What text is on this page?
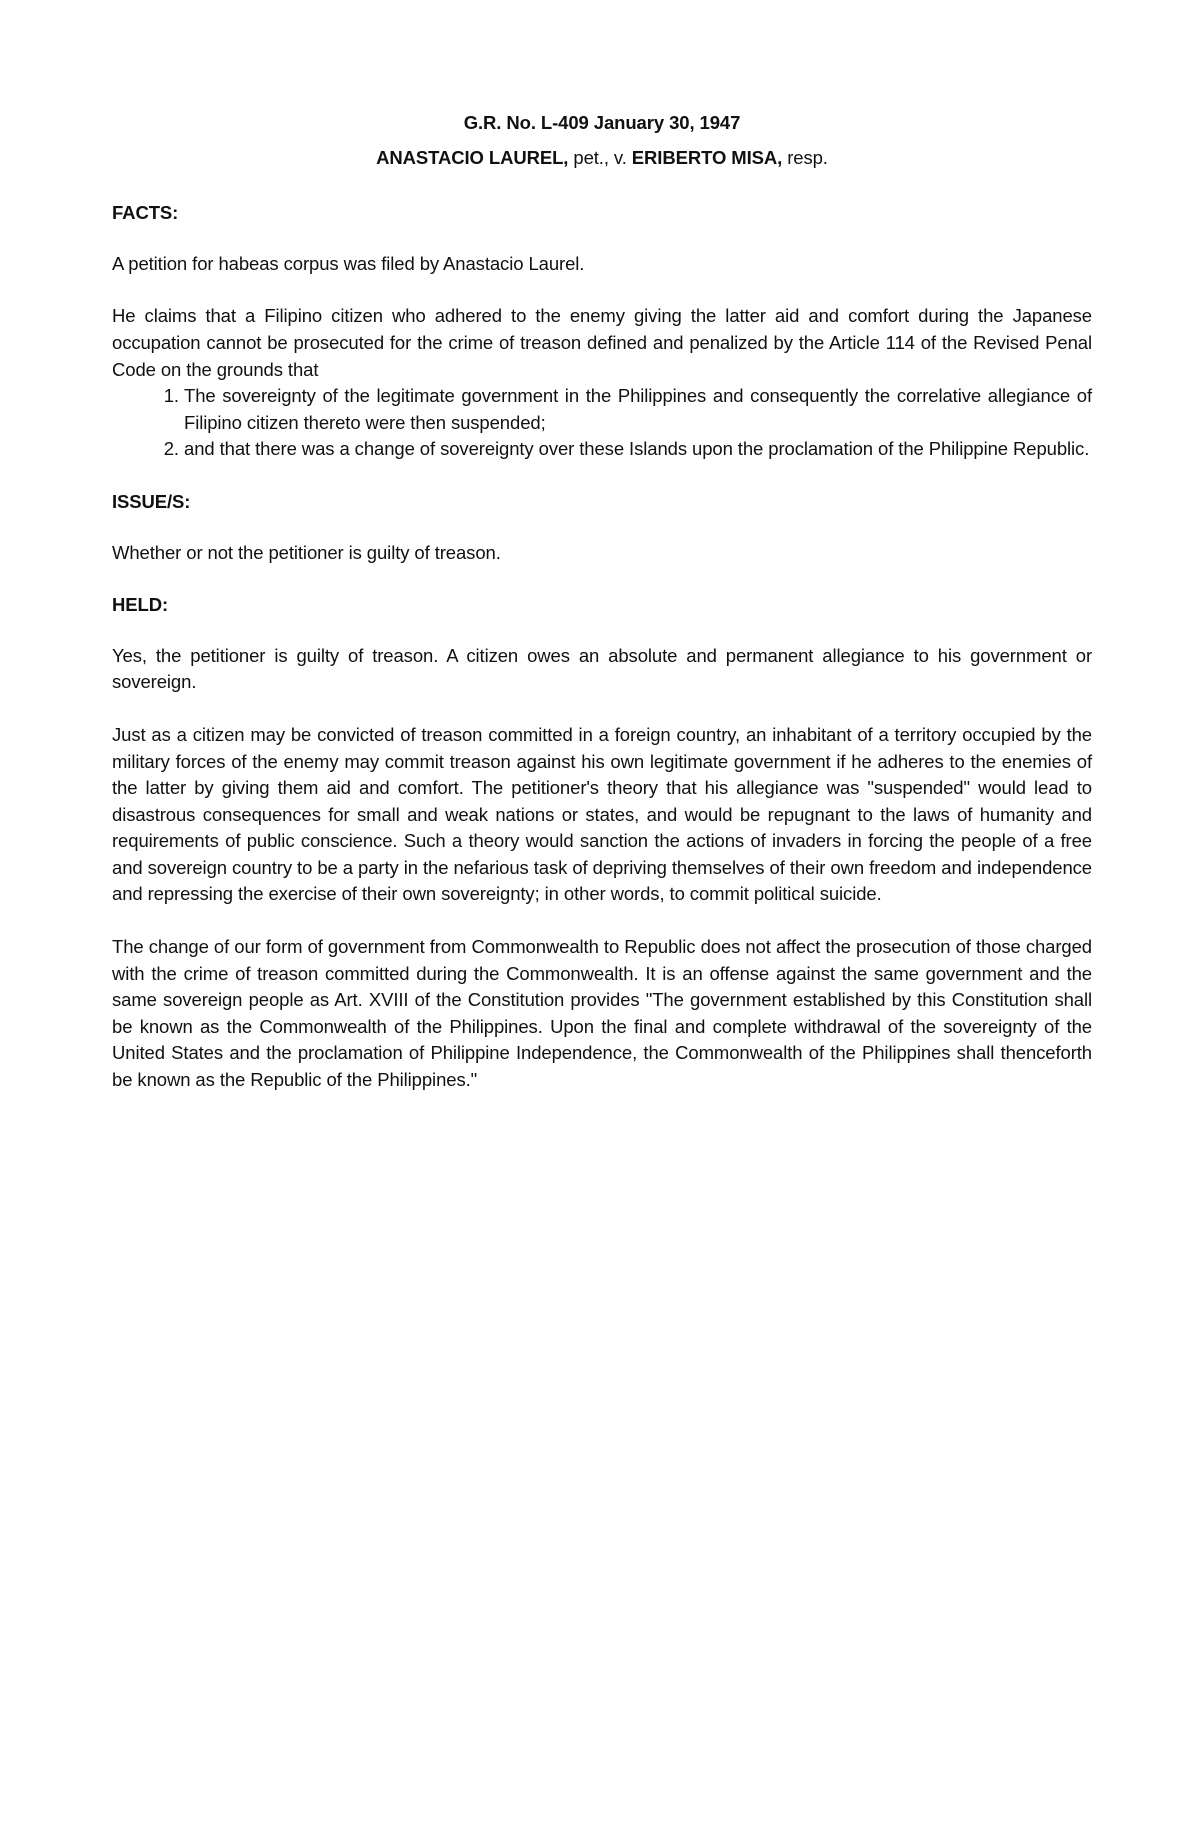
G.R. No. L-409 January 30, 1947

ANASTACIO LAUREL, pet., v. ERIBERTO MISA, resp.

FACTS:

A petition for habeas corpus was filed by Anastacio Laurel.

He claims that a Filipino citizen who adhered to the enemy giving the latter aid and comfort during the Japanese occupation cannot be prosecuted for the crime of treason defined and penalized by the Article 114 of the Revised Penal Code on the grounds that

1. The sovereignty of the legitimate government in the Philippines and consequently the correlative allegiance of Filipino citizen thereto were then suspended;
2. and that there was a change of sovereignty over these Islands upon the proclamation of the Philippine Republic.

ISSUE/S:

Whether or not the petitioner is guilty of treason.

HELD:

Yes, the petitioner is guilty of treason. A citizen owes an absolute and permanent allegiance to his government or sovereign.

Just as a citizen may be convicted of treason committed in a foreign country, an inhabitant of a territory occupied by the military forces of the enemy may commit treason against his own legitimate government if he adheres to the enemies of the latter by giving them aid and comfort. The petitioner's theory that his allegiance was "suspended" would lead to disastrous consequences for small and weak nations or states, and would be repugnant to the laws of humanity and requirements of public conscience. Such a theory would sanction the actions of invaders in forcing the people of a free and sovereign country to be a party in the nefarious task of depriving themselves of their own freedom and independence and repressing the exercise of their own sovereignty; in other words, to commit political suicide.

The change of our form of government from Commonwealth to Republic does not affect the prosecution of those charged with the crime of treason committed during the Commonwealth. It is an offense against the same government and the same sovereign people as Art. XVIII of the Constitution provides "The government established by this Constitution shall be known as the Commonwealth of the Philippines. Upon the final and complete withdrawal of the sovereignty of the United States and the proclamation of Philippine Independence, the Commonwealth of the Philippines shall thenceforth be known as the Republic of the Philippines."
